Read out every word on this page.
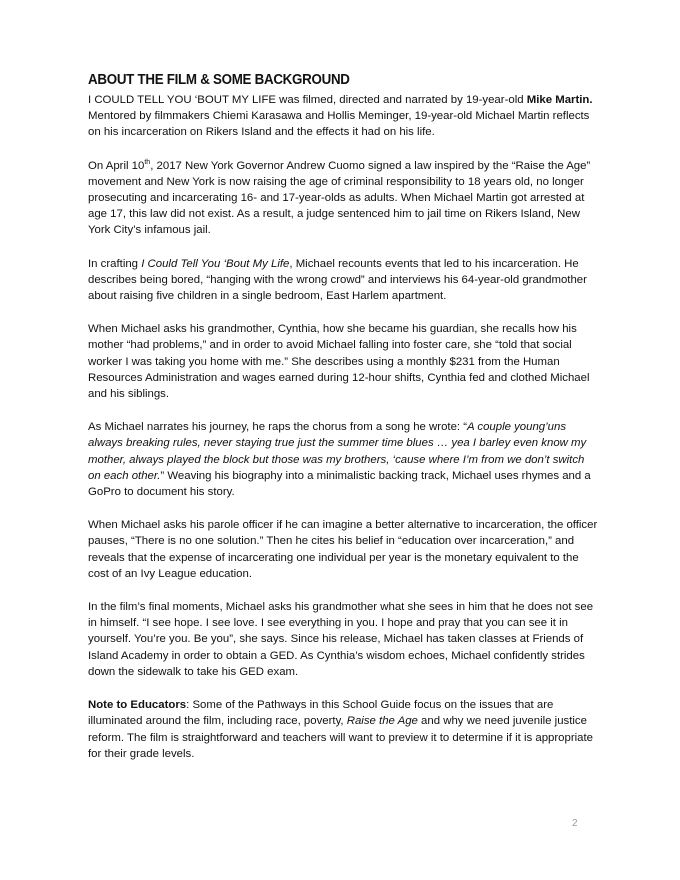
ABOUT THE FILM & SOME BACKGROUND

I COULD TELL YOU ‘BOUT MY LIFE was filmed, directed and narrated by 19-year-old Mike Martin. Mentored by filmmakers Chiemi Karasawa and Hollis Meminger, 19-year-old Michael Martin reflects on his incarceration on Rikers Island and the effects it had on his life.

On April 10th, 2017 New York Governor Andrew Cuomo signed a law inspired by the “Raise the Age” movement and New York is now raising the age of criminal responsibility to 18 years old, no longer prosecuting and incarcerating 16- and 17-year-olds as adults. When Michael Martin got arrested at age 17, this law did not exist. As a result, a judge sentenced him to jail time on Rikers Island, New York City’s infamous jail.

In crafting I Could Tell You ‘Bout My Life, Michael recounts events that led to his incarceration. He describes being bored, “hanging with the wrong crowd” and interviews his 64-year-old grandmother about raising five children in a single bedroom, East Harlem apartment.

When Michael asks his grandmother, Cynthia, how she became his guardian, she recalls how his mother “had problems,” and in order to avoid Michael falling into foster care, she “told that social worker I was taking you home with me.” She describes using a monthly $231 from the Human Resources Administration and wages earned during 12-hour shifts, Cynthia fed and clothed Michael and his siblings.

As Michael narrates his journey, he raps the chorus from a song he wrote: “A couple young’uns always breaking rules, never staying true just the summer time blues … yea I barley even know my mother, always played the block but those was my brothers, ‘cause where I’m from we don’t switch on each other.” Weaving his biography into a minimalistic backing track, Michael uses rhymes and a GoPro to document his story.

When Michael asks his parole officer if he can imagine a better alternative to incarceration, the officer pauses, “There is no one solution.” Then he cites his belief in “education over incarceration,” and reveals that the expense of incarcerating one individual per year is the monetary equivalent to the cost of an Ivy League education.

In the film’s final moments, Michael asks his grandmother what she sees in him that he does not see in himself. “I see hope. I see love. I see everything in you. I hope and pray that you can see it in yourself. You’re you. Be you”, she says. Since his release, Michael has taken classes at Friends of Island Academy in order to obtain a GED. As Cynthia’s wisdom echoes, Michael confidently strides down the sidewalk to take his GED exam.

Note to Educators: Some of the Pathways in this School Guide focus on the issues that are illuminated around the film, including race, poverty, Raise the Age and why we need juvenile justice reform. The film is straightforward and teachers will want to preview it to determine if it is appropriate for their grade levels.

2
